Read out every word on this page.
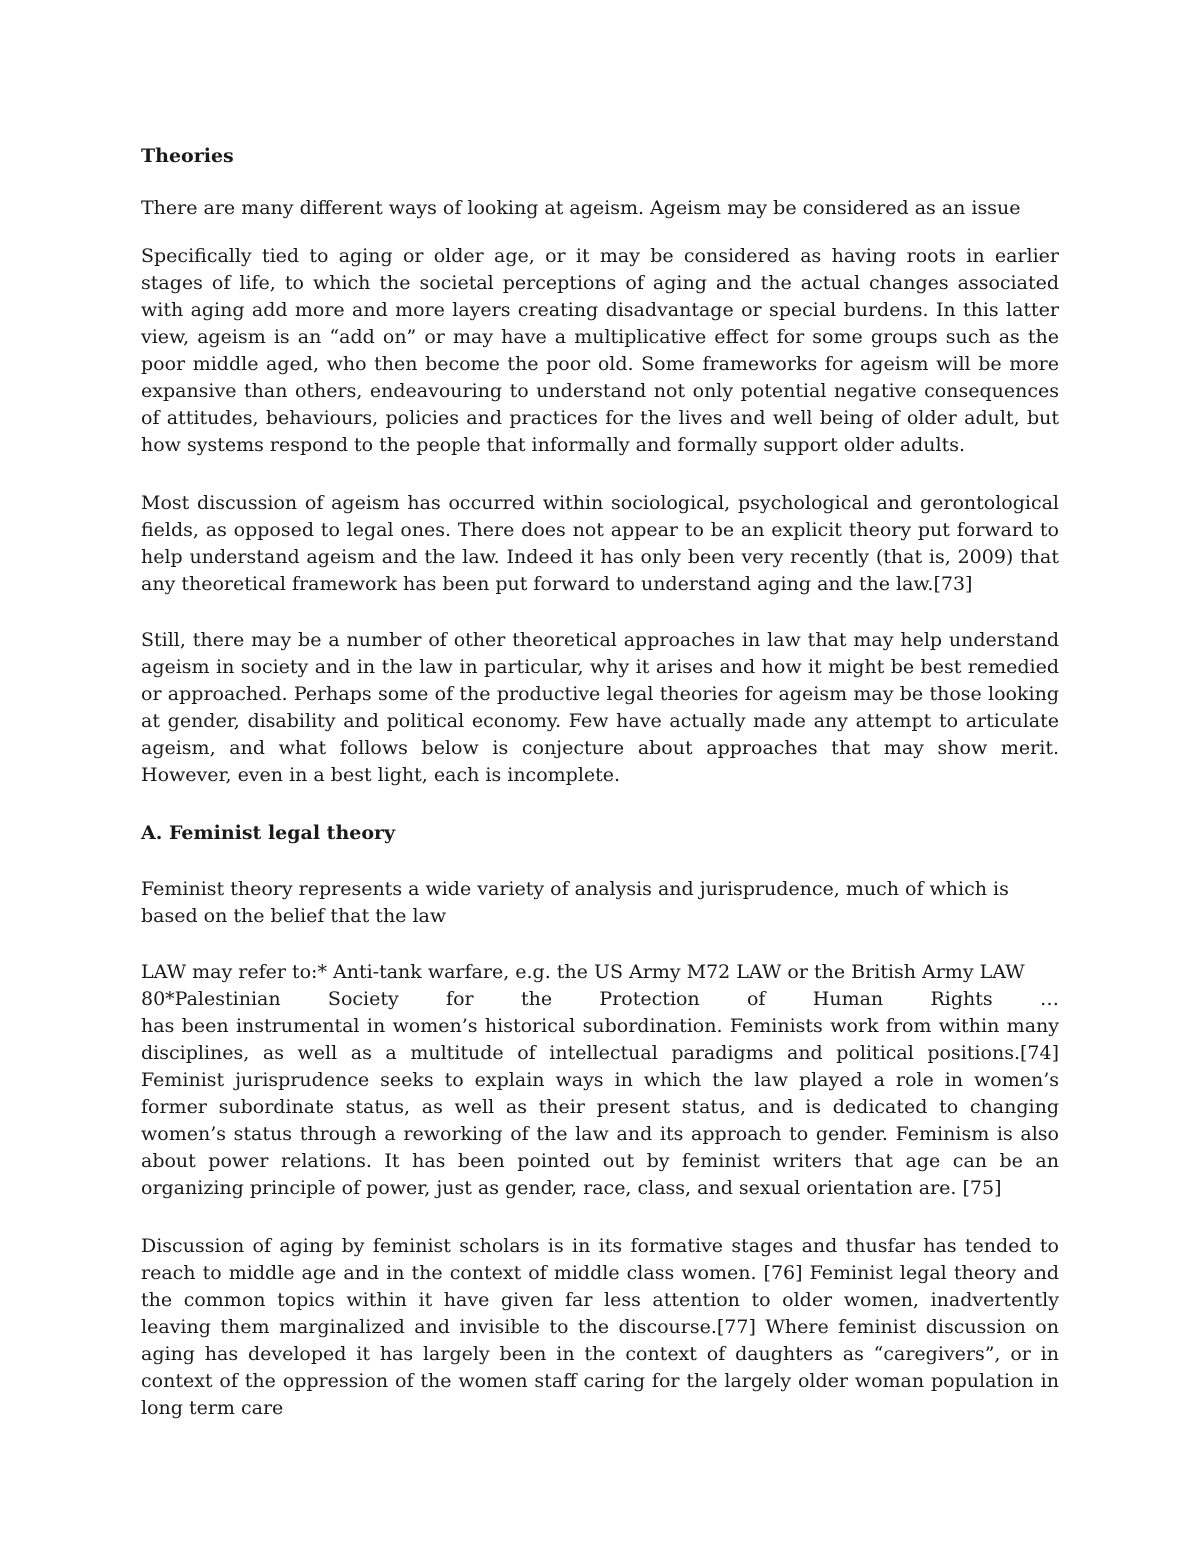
Theories
There are many different ways of looking at ageism. Ageism may be considered as an issue
Specifically tied to aging or older age, or it may be considered as having roots in earlier stages of life, to which the societal perceptions of aging and the actual changes associated with aging add more and more layers creating disadvantage or special burdens. In this latter view, ageism is an “add on” or may have a multiplicative effect for some groups such as the poor middle aged, who then become the poor old. Some frameworks for ageism will be more expansive than others, endeavouring to understand not only potential negative consequences of attitudes, behaviours, policies and practices for the lives and well being of older adult, but how systems respond to the people that informally and formally support older adults.
Most discussion of ageism has occurred within sociological, psychological and gerontological fields, as opposed to legal ones. There does not appear to be an explicit theory put forward to help understand ageism and the law. Indeed it has only been very recently (that is, 2009) that any theoretical framework has been put forward to understand aging and the law.[73]
Still, there may be a number of other theoretical approaches in law that may help understand ageism in society and in the law in particular, why it arises and how it might be best remedied or approached. Perhaps some of the productive legal theories for ageism may be those looking at gender, disability and political economy. Few have actually made any attempt to articulate ageism, and what follows below is conjecture about approaches that may show merit. However, even in a best light, each is incomplete.
A. Feminist legal theory
Feminist theory represents a wide variety of analysis and jurisprudence, much of which is based on the belief that the law
LAW may refer to:* Anti-tank warfare, e.g. the US Army M72 LAW or the British Army LAW
80*Palestinian Society for the Protection of Human Rights …
has been instrumental in women’s historical subordination. Feminists work from within many disciplines, as well as a multitude of intellectual paradigms and political positions.[74] Feminist jurisprudence seeks to explain ways in which the law played a role in women’s former subordinate status, as well as their present status, and is dedicated to changing women’s status through a reworking of the law and its approach to gender. Feminism is also about power relations. It has been pointed out by feminist writers that age can be an organizing principle of power, just as gender, race, class, and sexual orientation are. [75]
Discussion of aging by feminist scholars is in its formative stages and thusfar has tended to reach to middle age and in the context of middle class women. [76] Feminist legal theory and the common topics within it have given far less attention to older women, inadvertently leaving them marginalized and invisible to the discourse.[77] Where feminist discussion on aging has developed it has largely been in the context of daughters as “caregivers”, or in context of the oppression of the women staff caring for the largely older woman population in long term care
